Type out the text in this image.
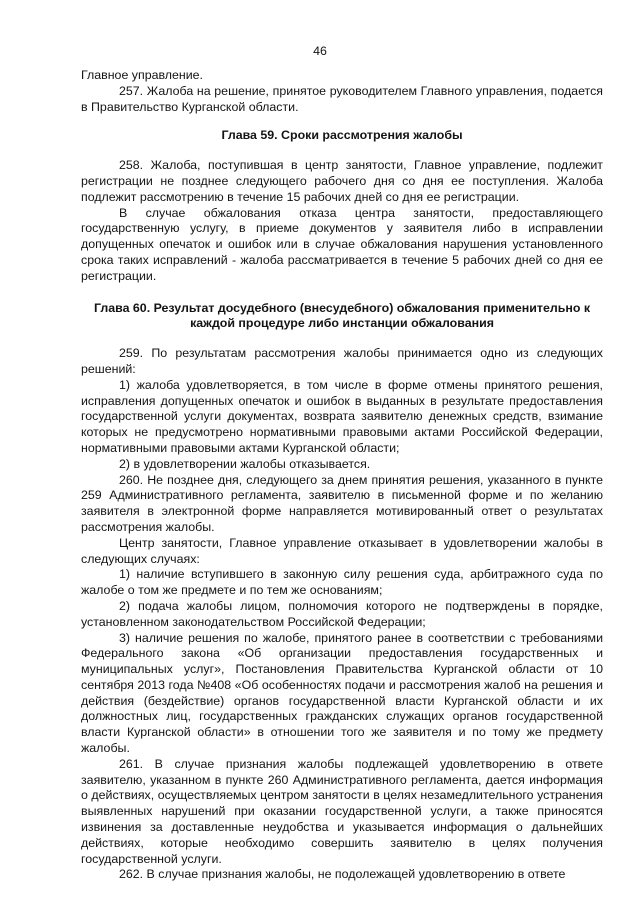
46

Главное управление.

257. Жалоба на решение, принятое руководителем Главного управления, подается в Правительство Курганской области.

Глава 59. Сроки рассмотрения жалобы

258. Жалоба, поступившая в центр занятости, Главное управление, подлежит регистрации не позднее следующего рабочего дня со дня ее поступления. Жалоба подлежит рассмотрению в течение 15 рабочих дней со дня ее регистрации.

В случае обжалования отказа центра занятости, предоставляющего государственную услугу, в приеме документов у заявителя либо в исправлении допущенных опечаток и ошибок или в случае обжалования нарушения установленного срока таких исправлений - жалоба рассматривается в течение 5 рабочих дней со дня ее регистрации.

Глава 60. Результат досудебного (внесудебного) обжалования применительно к каждой процедуре либо инстанции обжалования

259. По результатам рассмотрения жалобы принимается одно из следующих решений:

1) жалоба удовлетворяется, в том числе в форме отмены принятого решения, исправления допущенных опечаток и ошибок в выданных в результате предоставления государственной услуги документах, возврата заявителю денежных средств, взимание которых не предусмотрено нормативными правовыми актами Российской Федерации, нормативными правовыми актами Курганской области;

2) в удовлетворении жалобы отказывается.

260. Не позднее дня, следующего за днем принятия решения, указанного в пункте 259 Административного регламента, заявителю в письменной форме и по желанию заявителя в электронной форме направляется мотивированный ответ о результатах рассмотрения жалобы.

Центр занятости, Главное управление отказывает в удовлетворении жалобы в следующих случаях:

1) наличие вступившего в законную силу решения суда, арбитражного суда по жалобе о том же предмете и по тем же основаниям;

2) подача жалобы лицом, полномочия которого не подтверждены в порядке, установленном законодательством Российской Федерации;

3) наличие решения по жалобе, принятого ранее в соответствии с требованиями Федерального закона «Об организации предоставления государственных и муниципальных услуг», Постановления Правительства Курганской области от 10 сентября 2013 года №408 «Об особенностях подачи и рассмотрения жалоб на решения и действия (бездействие) органов государственной власти Курганской области и их должностных лиц, государственных гражданских служащих органов государственной власти Курганской области» в отношении того же заявителя и по тому же предмету жалобы.

261. В случае признания жалобы подлежащей удовлетворению в ответе заявителю, указанном в пункте 260 Административного регламента, дается информация о действиях, осуществляемых центром занятости в целях незамедлительного устранения выявленных нарушений при оказании государственной услуги, а также приносятся извинения за доставленные неудобства и указывается информация о дальнейших действиях, которые необходимо совершить заявителю в целях получения государственной услуги.

262. В случае признания жалобы, не подолежащей удовлетворению в ответе
